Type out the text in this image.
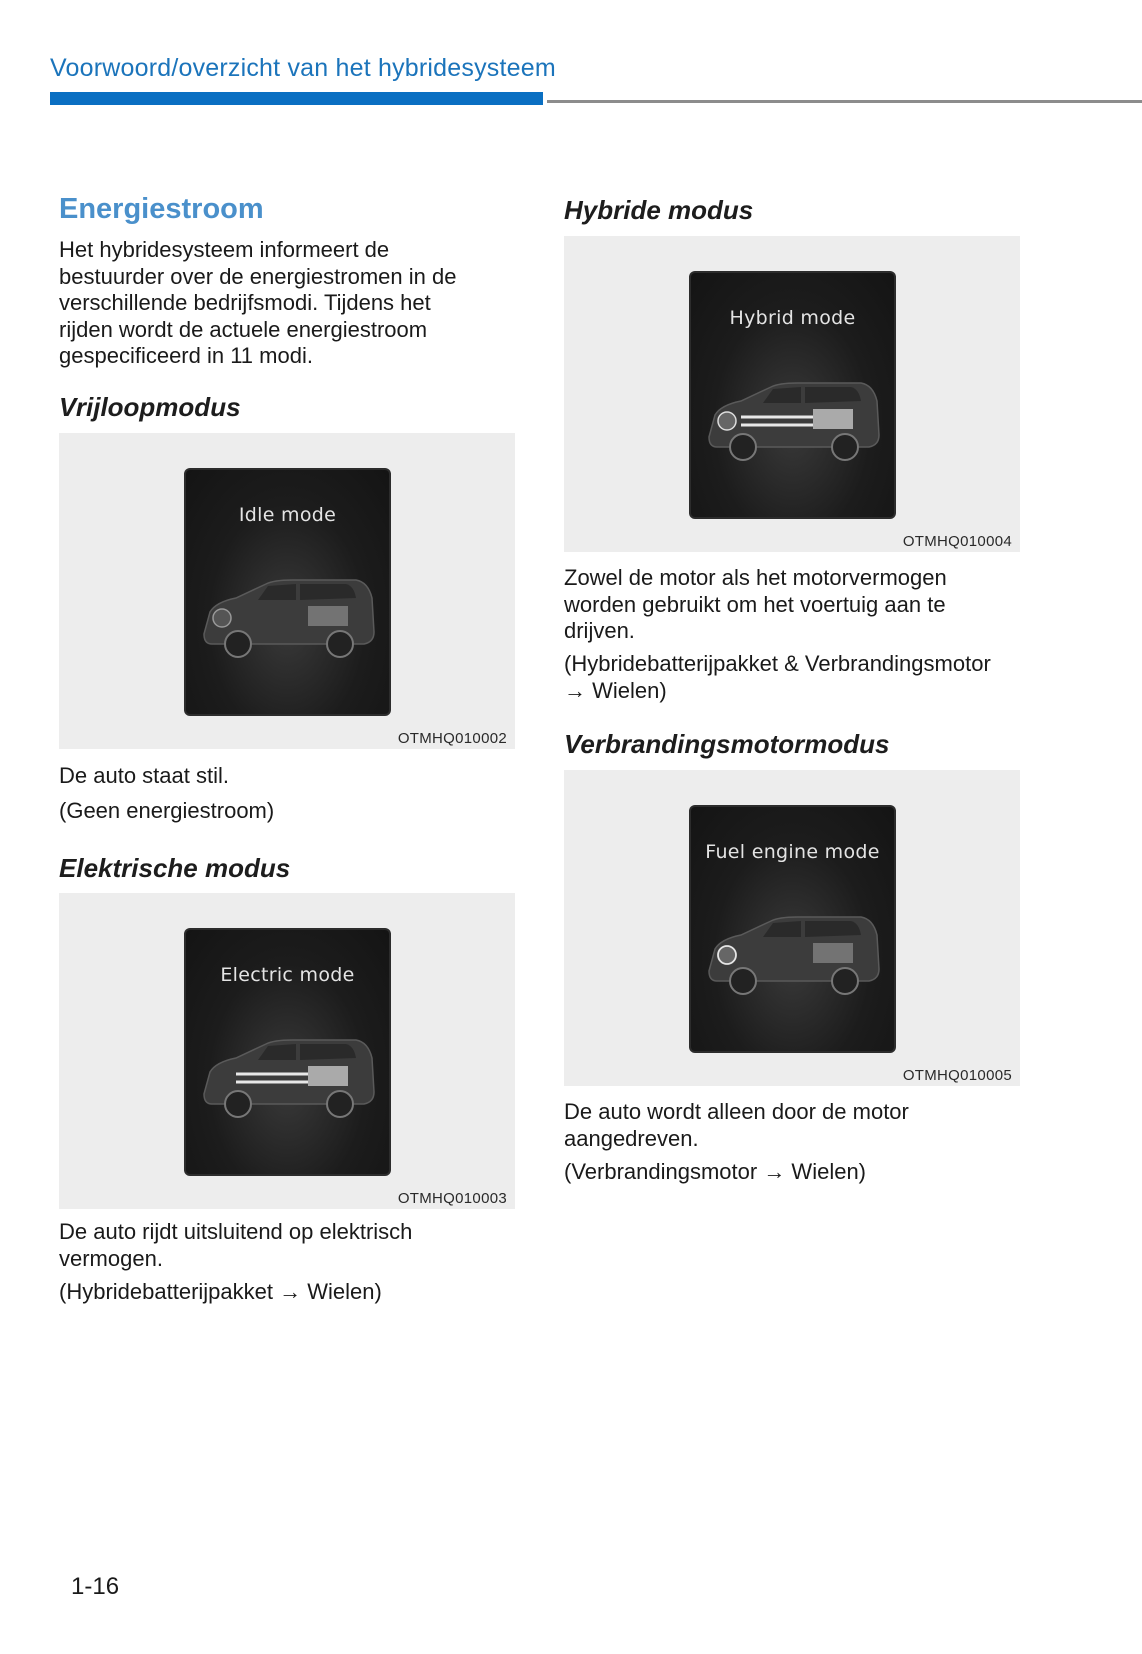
Voorwoord/overzicht van het hybridesysteem
Energiestroom

Het hybridesysteem informeert de
bestuurder over de energiestromen in de
verschillende bedrijfsmodi. Tijdens het
rijden wordt de actuele energiestroom
gespecificeerd in 11 modi.

Vrijloopmodus
Idle mode
OTMHQ010002

De auto staat stil.

(Geen energiestroom)

Elektrische modus
Electric mode
OTMHQ010003

De auto rijdt uitsluitend op elektrisch
vermogen.

(Hybridebatterijpakket → Wielen)

Hybride modus
Hybrid mode
OTMHQ010004

Zowel de motor als het motorvermogen
worden gebruikt om het voertuig aan te
drijven.

(Hybridebatterijpakket & Verbrandingsmotor
→ Wielen)

Verbrandingsmotormodus
Fuel engine mode
OTMHQ010005

De auto wordt alleen door de motor
aangedreven.

(Verbrandingsmotor → Wielen)

1-16
